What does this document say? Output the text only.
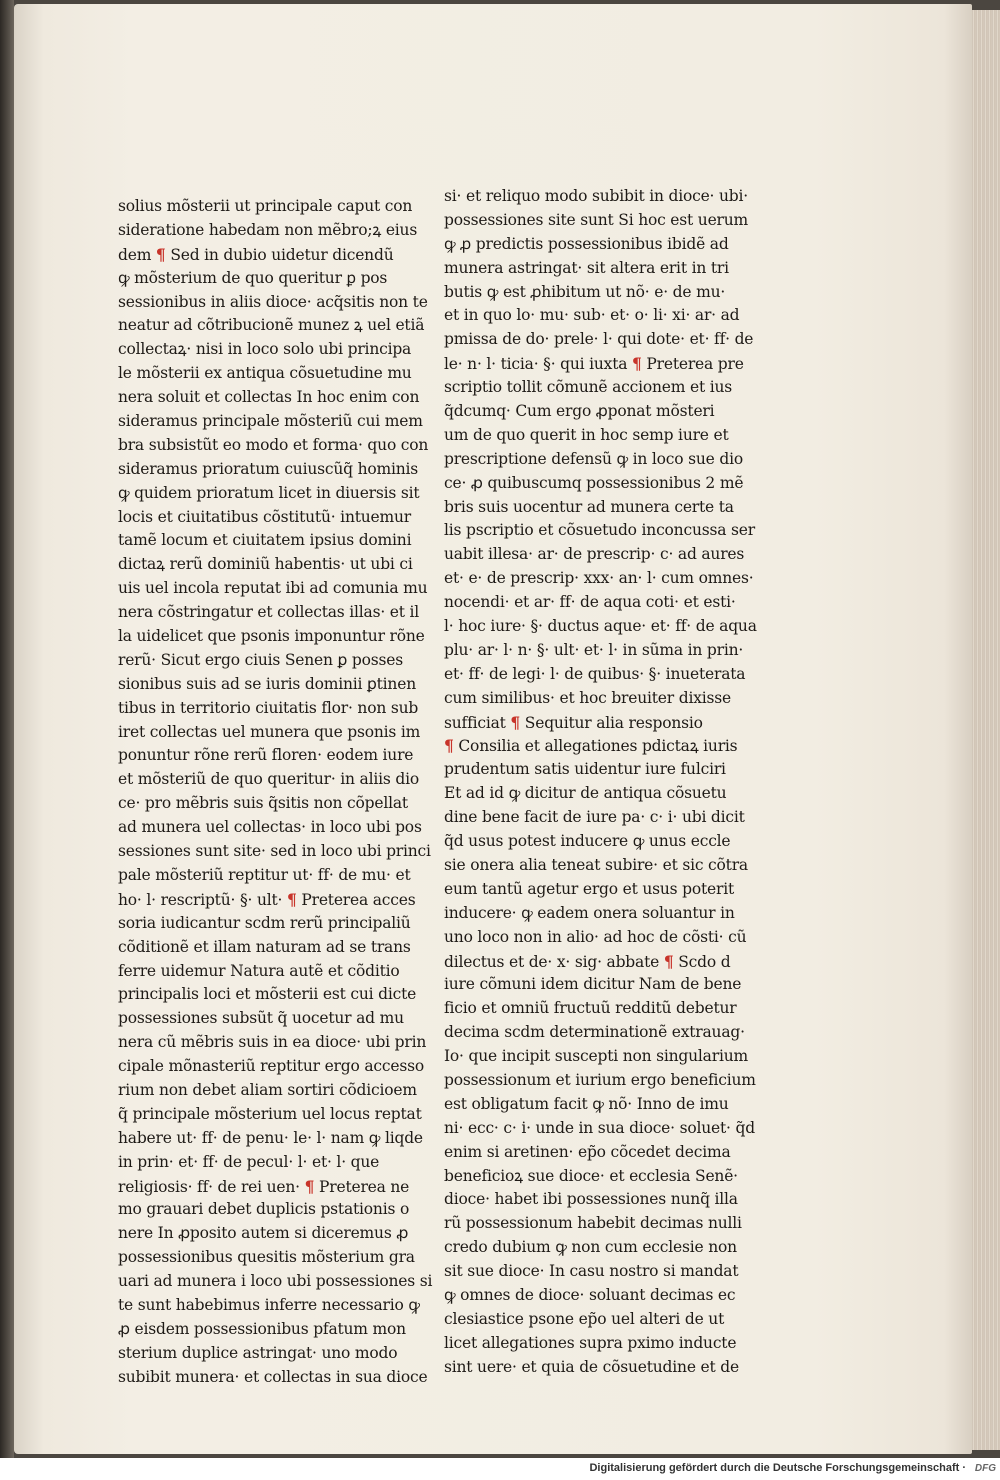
solius mõsterii ut principale caput con
sideratione habedam non mẽbro;ꝝ eius
dem ¶ Sed in dubio uidetur dicendũ
ꝙ mõsterium de quo queritur ꝑ pos
sessionibus in aliis dioce· acq̃sitis non te
neatur ad cõtribucionẽ munez ꝝ uel etiã
collectaꝝ· nisi in loco solo ubi principa
le mõsterii ex antiqua cõsuetudine mu
nera soluit et collectas In hoc enim con
sideramus principale mõsteriũ cui mem
bra subsistũt eo modo et forma· quo con
sideramus prioratum cuiuscũq̃ hominis
ꝙ quidem prioratum licet in diuersis sit
locis et ciuitatibus cõstitutũ· intuemur
tamẽ locum et ciuitatem ipsius domini
dictaꝝ rerũ dominiũ habentis· ut ubi ci
uis uel incola reputat ibi ad comunia mu
nera cõstringatur et collectas illas· et il
la uidelicet que psonis imponuntur rõne
rerũ· Sicut ergo ciuis Senen ꝑ posses
sionibus suis ad se iuris dominii ꝑtinen
tibus in territorio ciuitatis flor· non sub
iret collectas uel munera que psonis im
ponuntur rõne rerũ floren· eodem iure
et mõsteriũ de quo queritur· in aliis dio
ce· pro mẽbris suis q̃sitis non cõpellat
ad munera uel collectas· in loco ubi pos
sessiones sunt site· sed in loco ubi princi
pale mõsteriũ reptitur ut· ff· de mu· et
ho· l· rescriptũ· §· ult· ¶ Preterea acces
soria iudicantur scdm rerũ principaliũ
cõditionẽ et illam naturam ad se trans
ferre uidemur Natura autẽ et cõditio
principalis loci et mõsterii est cui dicte
possessiones subsũt q̃ uocetur ad mu
nera cũ mẽbris suis in ea dioce· ubi prin
cipale mõnasteriũ reptitur ergo accesso
rium non debet aliam sortiri cõdicioem
q̃ principale mõsterium uel locus reptat
habere ut· ff· de penu· le· l· nam ꝙ liqde
in prin· et· ff· de pecul· l· et· l· que
religiosis· ff· de rei uen· ¶ Preterea ne
mo grauari debet duplicis pstationis o
nere In ꝓposito autem si diceremus ꝓ
possessionibus quesitis mõsterium gra
uari ad munera i loco ubi possessiones si
te sunt habebimus inferre necessario ꝙ
ꝓ eisdem possessionibus pfatum mon
sterium duplice astringat· uno modo
subibit munera· et collectas in sua dioce
si· et reliquo modo subibit in dioce· ubi·
possessiones site sunt Si hoc est uerum
ꝙ ꝓ predictis possessionibus ibidẽ ad
munera astringat· sit altera erit in tri
butis ꝙ est ꝓhibitum ut nõ· e· de mu·
et in quo lo· mu· sub· et· o· li· xi· ar· ad
pmissa de do· prele· l· qui dote· et· ff· de
le· n· l· ticia· §· qui iuxta ¶ Preterea pre
scriptio tollit cõmunẽ accionem et ius
q̃dcumq· Cum ergo ꝓponat mõsteri
um de quo querit in hoc semp iure et
prescriptione defensũ ꝙ in loco sue dio
ce· ꝓ quibuscumq possessionibus 2 mẽ
bris suis uocentur ad munera certe ta
lis pscriptio et cõsuetudo inconcussa ser
uabit illesa· ar· de prescrip· c· ad aures
et· e· de prescrip· xxx· an· l· cum omnes·
nocendi· et ar· ff· de aqua coti· et esti·
l· hoc iure· §· ductus aque· et· ff· de aqua
plu· ar· l· n· §· ult· et· l· in sũma in prin·
et· ff· de legi· l· de quibus· §· inueterata
cum similibus· et hoc breuiter dixisse
sufficiat ¶ Sequitur alia responsio
¶ Consilia et allegationes pdictaꝝ iuris
prudentum satis uidentur iure fulciri
Et ad id ꝙ dicitur de antiqua cõsuetu
dine bene facit de iure pa· c· i· ubi dicit
q̃d usus potest inducere ꝙ unus eccle
sie onera alia teneat subire· et sic cõtra
eum tantũ agetur ergo et usus poterit
inducere· ꝙ eadem onera soluantur in
uno loco non in alio· ad hoc de cõsti· cũ
dilectus et de· x· sig· abbate ¶ Scdo d
iure cõmuni idem dicitur Nam de bene
ficio et omniũ fructuũ redditũ debetur
decima scdm determinationẽ extrauag·
Io· que incipit suscepti non singularium
possessionum et iurium ergo beneficium
est obligatum facit ꝙ nõ· Inno de imu
ni· ecc· c· i· unde in sua dioce· soluet· q̃d
enim si aretinen· ep̃o cõcedet decima
beneficioꝝ sue dioce· et ecclesia Senẽ·
dioce· habet ibi possessiones nunq̃ illa
rũ possessionum habebit decimas nulli
credo dubium ꝙ non cum ecclesie non
sit sue dioce· In casu nostro si mandat
ꝙ omnes de dioce· soluant decimas ec
clesiastice psone ep̃o uel alteri de ut
licet allegationes supra pximo inducte
sint uere· et quia de cõsuetudine et de
Digitalisierung gefördert durch die Deutsche Forschungsgemeinschaft · DFG
